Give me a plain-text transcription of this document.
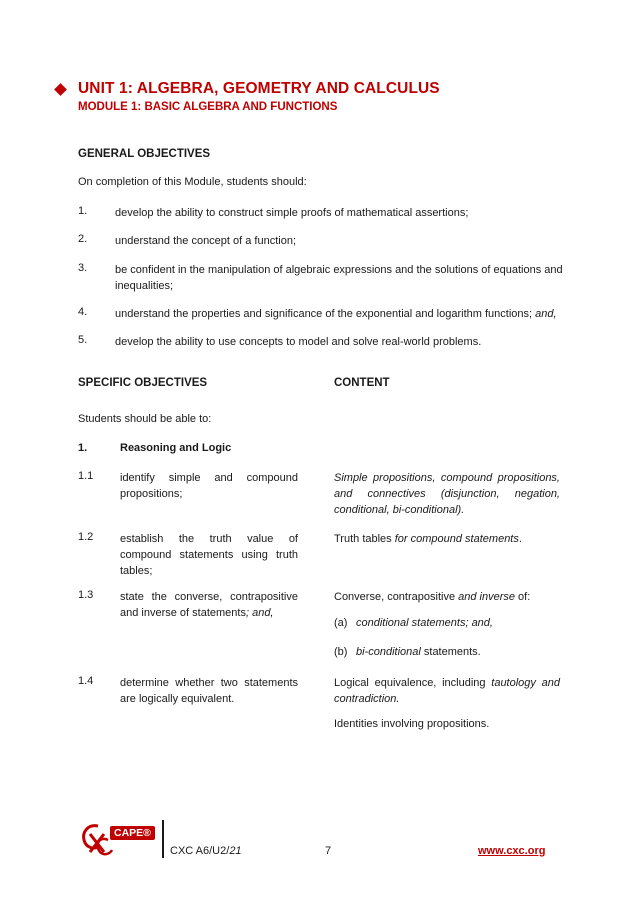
UNIT 1: ALGEBRA, GEOMETRY AND CALCULUS
MODULE 1: BASIC ALGEBRA AND FUNCTIONS
GENERAL OBJECTIVES
On completion of this Module, students should:
1.	develop the ability to construct simple proofs of mathematical assertions;
2.	understand the concept of a function;
3.	be confident in the manipulation of algebraic expressions and the solutions of equations and inequalities;
4.	understand the properties and significance of the exponential and logarithm functions; and,
5.	develop the ability to use concepts to model and solve real-world problems.
SPECIFIC OBJECTIVES	CONTENT
Students should be able to:
1.	Reasoning and Logic
1.1 identify simple and compound propositions;
Simple propositions, compound propositions, and connectives (disjunction, negation, conditional, bi-conditional).
1.2 establish the truth value of compound statements using truth tables;
Truth tables for compound statements.
1.3 state the converse, contrapositive and inverse of statements; and,
Converse, contrapositive and inverse of:
(a) conditional statements; and,
(b) bi-conditional statements.
1.4 determine whether two statements are logically equivalent.
Logical equivalence, including tautology and contradiction.
Identities involving propositions.
CAPE®
CXC A6/U2/21	7	www.cxc.org
